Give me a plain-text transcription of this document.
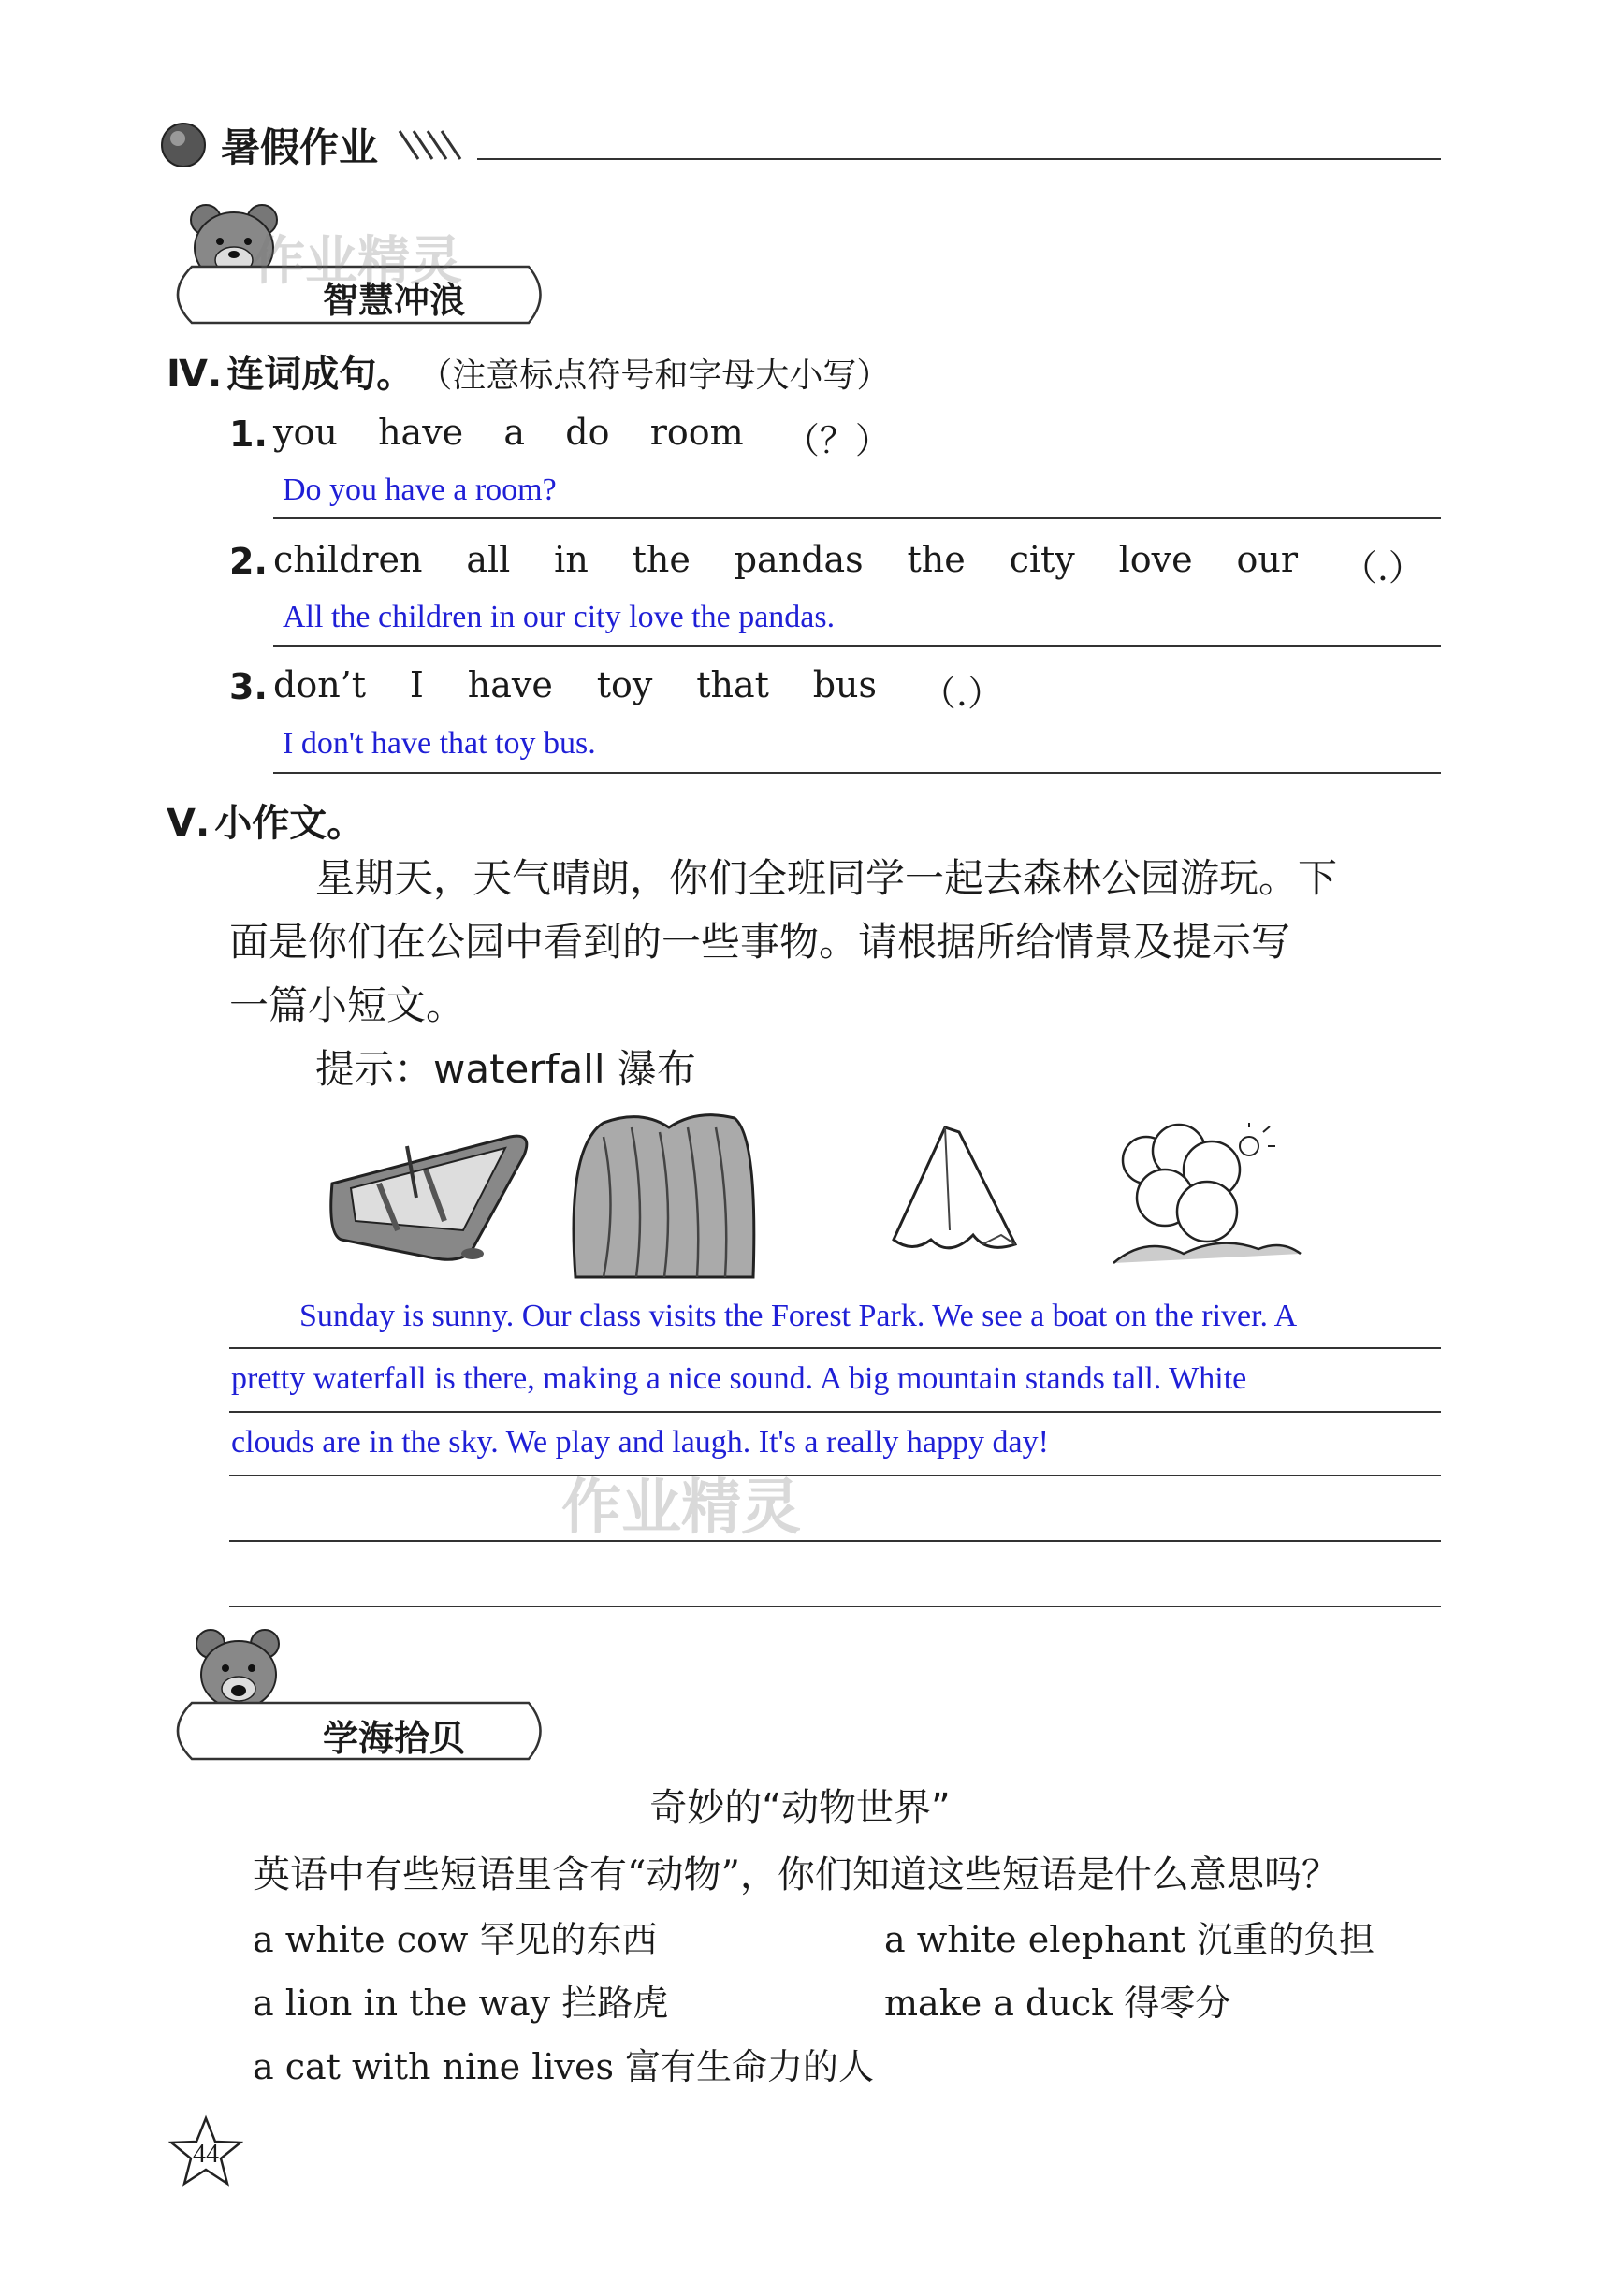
暑假作业
智慧冲浪
作业精灵
Ⅳ. 连词成句。 （注意标点符号和字母大小写）
1. you have a do room （？）
Do you have a room?
2. children all in the pandas the city love our （.）
All the children in our city love the pandas.
3. don’t I have toy that bus （.）
I don't have that toy bus.
Ⅴ. 小作文。
星期天，天气晴朗，你们全班同学一起去森林公园游玩。下
面是你们在公园中看到的一些事物。请根据所给情景及提示写
一篇小短文。
提示：waterfall 瀑布
Sunday is sunny. Our class visits the Forest Park. We see a boat on the river. A
pretty waterfall is there, making a nice sound. A big mountain stands tall. White
clouds are in the sky. We play and laugh. It's a really happy day!
作业精灵
学海拾贝
奇妙的“动物世界”
英语中有些短语里含有“动物”，你们知道这些短语是什么意思吗？
a white cow 罕见的东西	a white elephant 沉重的负担
a lion in the way 拦路虎	make a duck 得零分
a cat with nine lives 富有生命力的人
44
